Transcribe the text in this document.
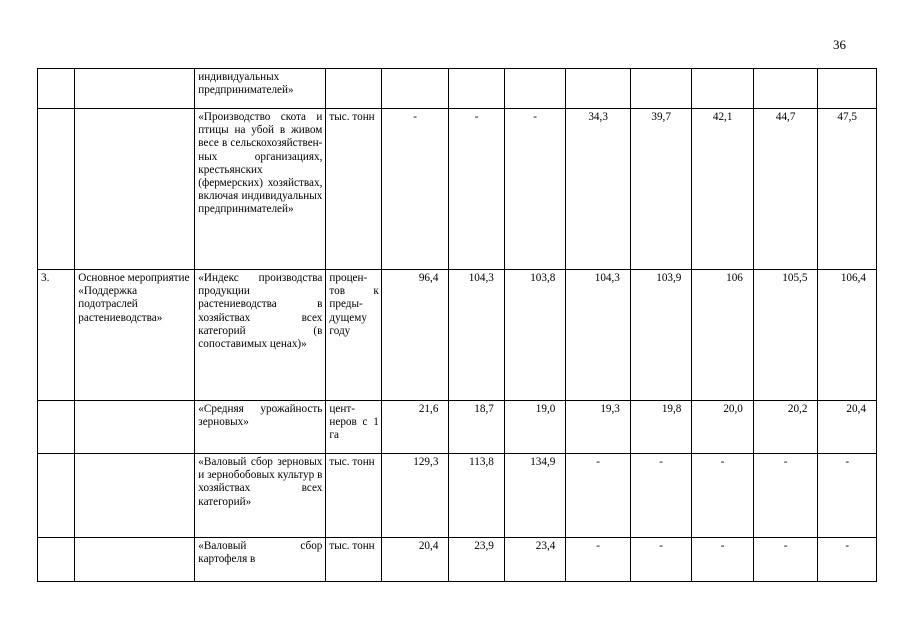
36
		индивидуальных предпринимателей»									
		«Производство скота и птицы на убой в живом весе в сельскохозяйствен-ных организациях, крестьянских (фермерских) хозяйствах, включая индивидуальных предпринимателей»	тыс. тонн	-	-	-	34,3	39,7	42,1	44,7	47,5
3.	Основное мероприятие «Поддержка подотраслей растениеводства»	«Индекс производства продукции растениеводства в хозяйствах всех категорий (в сопоставимых ценах)»	процен-тов к преды-дущему году	96,4	104,3	103,8	104,3	103,9	106	105,5	106,4
		«Средняя урожайность зерновых»	цент-неров с 1 га	21,6	18,7	19,0	19,3	19,8	20,0	20,2	20,4
		«Валовый сбор зерновых и зернобобовых культур в хозяйствах всех категорий»	тыс. тонн	129,3	113,8	134,9	-	-	-	-	-
		«Валовый сбор картофеля в	тыс. тонн	20,4	23,9	23,4	-	-	-	-	-
